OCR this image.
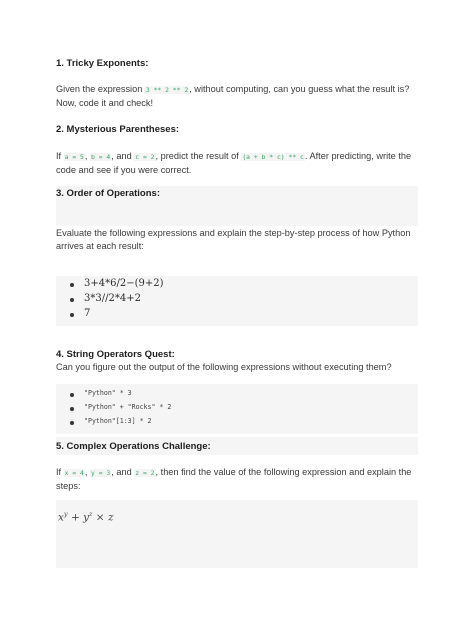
1. Tricky Exponents:

Given the expression 3 ** 2 ** 2, without computing, can you guess what the result is? Now, code it and check!

2. Mysterious Parentheses:

If a = 5, b = 4, and c = 2, predict the result of (a + b * c) ** c. After predicting, write the code and see if you were correct.

3. Order of Operations:

Evaluate the following expressions and explain the step-by-step process of how Python arrives at each result:

3+4*6/2−(9+2)
3*3//2*4+2
7
4. String Operators Quest:

Can you figure out the output of the following expressions without executing them?

"Python" * 3
"Python" + "Rocks" * 2
"Python"[1:3] * 2
5. Complex Operations Challenge:

If x = 4, y = 3, and z = 2, then find the value of the following expression and explain the steps:

$x^y + y^z \times z$
